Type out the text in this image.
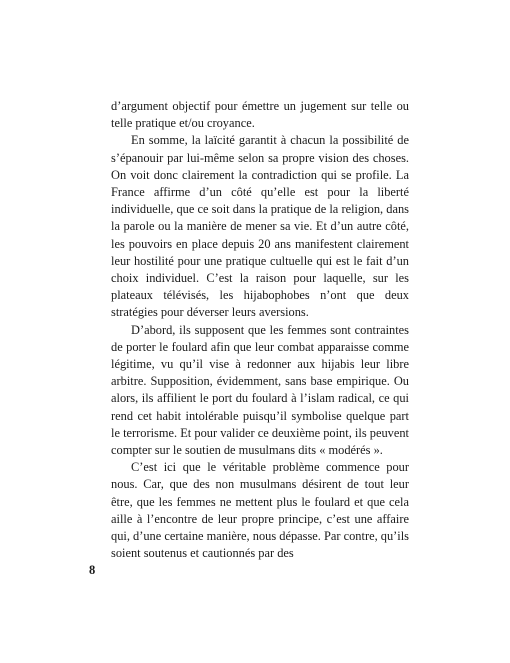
d’argument objectif pour émettre un jugement sur telle ou telle pratique et/ou croyance.

En somme, la laïcité garantit à chacun la possibilité de s’épanouir par lui-même selon sa propre vision des choses. On voit donc clairement la contradiction qui se profile. La France affirme d’un côté qu’elle est pour la liberté individuelle, que ce soit dans la pratique de la religion, dans la parole ou la manière de mener sa vie. Et d’un autre côté, les pouvoirs en place depuis 20 ans manifestent clairement leur hostilité pour une pratique cultuelle qui est le fait d’un choix individuel. C’est la raison pour laquelle, sur les plateaux télévisés, les hijabophobes n’ont que deux stratégies pour déverser leurs aversions.

D’abord, ils supposent que les femmes sont contraintes de porter le foulard afin que leur combat apparaisse comme légitime, vu qu’il vise à redonner aux hijabis leur libre arbitre. Supposition, évidemment, sans base empirique. Ou alors, ils affilient le port du foulard à l’islam radical, ce qui rend cet habit intolérable puisqu’il symbolise quelque part le terrorisme. Et pour valider ce deuxième point, ils peuvent compter sur le soutien de musulmans dits « modérés ».

C’est ici que le véritable problème commence pour nous. Car, que des non musulmans désirent de tout leur être, que les femmes ne mettent plus le foulard et que cela aille à l’encontre de leur propre principe, c’est une affaire qui, d’une certaine manière, nous dépasse. Par contre, qu’ils soient soutenus et cautionnés par des

8
